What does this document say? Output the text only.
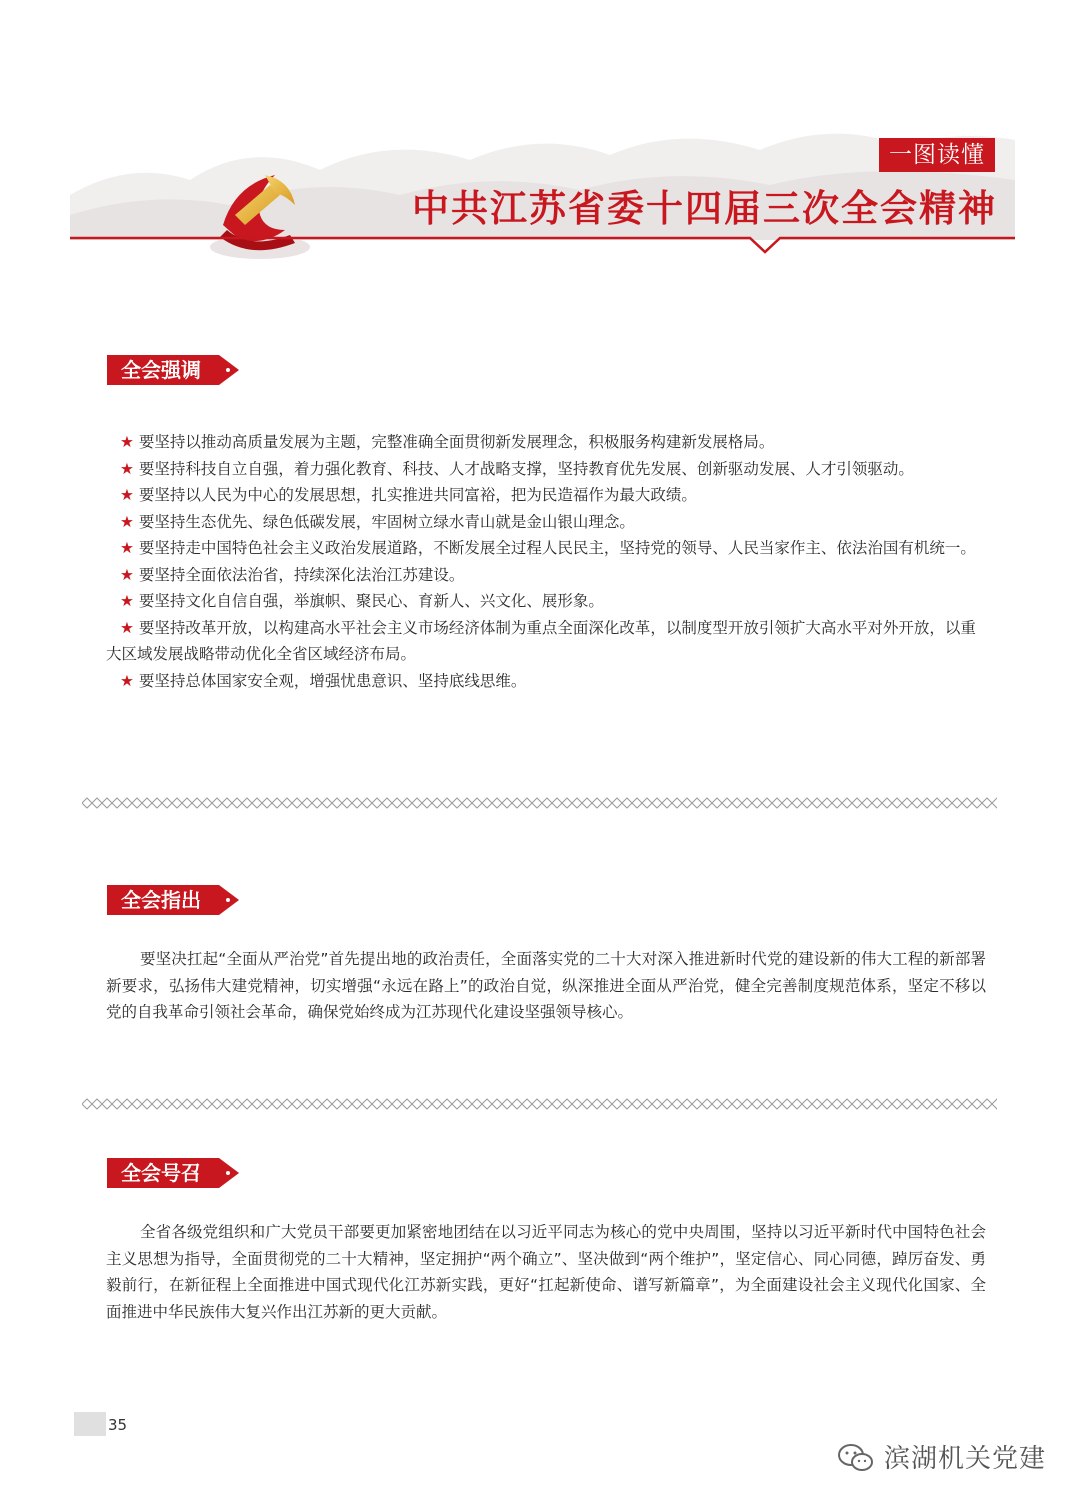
一图读懂
中共江苏省委十四届三次全会精神
全会强调
★ 要坚持以推动高质量发展为主题，完整准确全面贯彻新发展理念，积极服务构建新发展格局。
★ 要坚持科技自立自强，着力强化教育、科技、人才战略支撑，坚持教育优先发展、创新驱动发展、人才引领驱动。
★ 要坚持以人民为中心的发展思想，扎实推进共同富裕，把为民造福作为最大政绩。
★ 要坚持生态优先、绿色低碳发展，牢固树立绿水青山就是金山银山理念。
★ 要坚持走中国特色社会主义政治发展道路，不断发展全过程人民民主，坚持党的领导、人民当家作主、依法治国有机统一。
★ 要坚持全面依法治省，持续深化法治江苏建设。
★ 要坚持文化自信自强，举旗帜、聚民心、育新人、兴文化、展形象。
★ 要坚持改革开放，以构建高水平社会主义市场经济体制为重点全面深化改革，以制度型开放引领扩大高水平对外开放，以重大区域发展战略带动优化全省区域经济布局。
★ 要坚持总体国家安全观，增强忧患意识、坚持底线思维。
全会指出

要坚决扛起“全面从严治党”首先提出地的政治责任，全面落实党的二十大对深入推进新时代党的建设新的伟大工程的新部署新要求，弘扬伟大建党精神，切实增强“永远在路上”的政治自觉，纵深推进全面从严治党，健全完善制度规范体系，坚定不移以党的自我革命引领社会革命，确保党始终成为江苏现代化建设坚强领导核心。

全会号召

全省各级党组织和广大党员干部要更加紧密地团结在以习近平同志为核心的党中央周围，坚持以习近平新时代中国特色社会主义思想为指导，全面贯彻党的二十大精神，坚定拥护“两个确立”、坚决做到“两个维护”，坚定信心、同心同德，踔厉奋发、勇毅前行，在新征程上全面推进中国式现代化江苏新实践，更好“扛起新使命、谱写新篇章”，为全面建设社会主义现代化国家、全面推进中华民族伟大复兴作出江苏新的更大贡献。

35
滨湖机关党建
